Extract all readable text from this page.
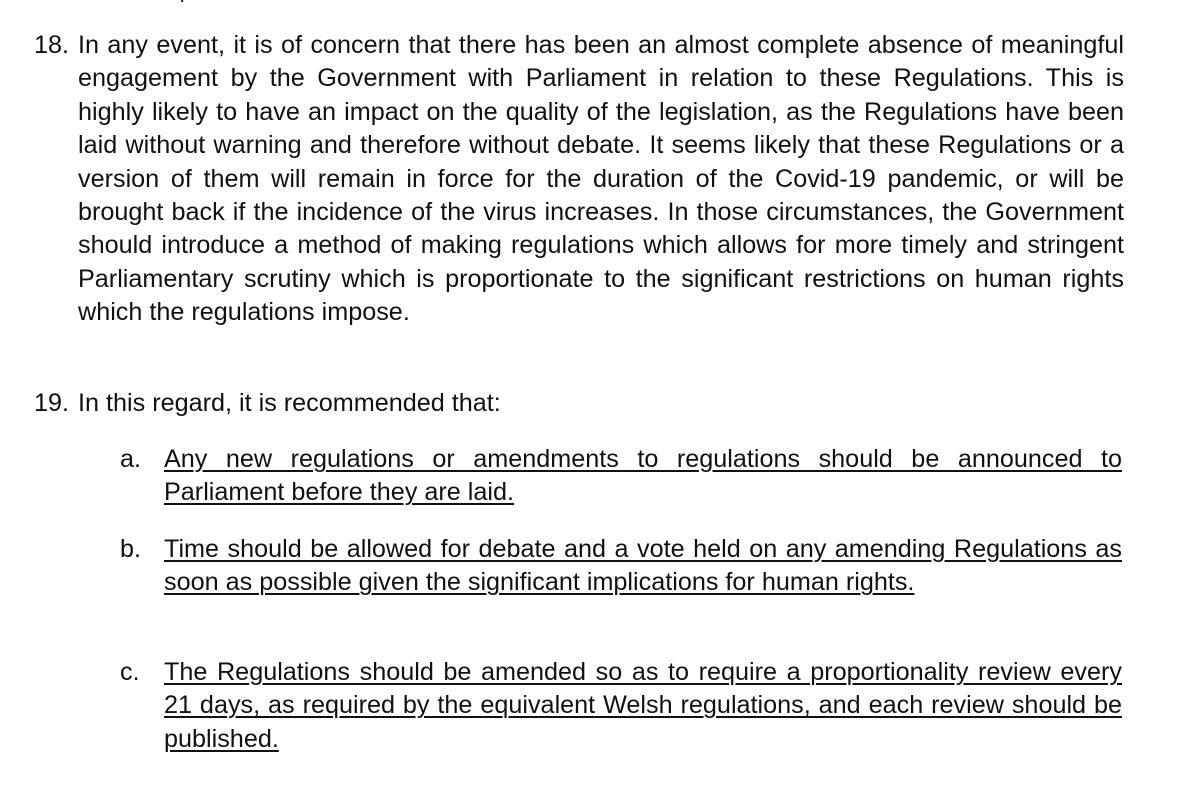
18. In any event, it is of concern that there has been an almost complete absence of meaningful engagement by the Government with Parliament in relation to these Regulations. This is highly likely to have an impact on the quality of the legislation, as the Regulations have been laid without warning and therefore without debate. It seems likely that these Regulations or a version of them will remain in force for the duration of the Covid-19 pandemic, or will be brought back if the incidence of the virus increases. In those circumstances, the Government should introduce a method of making regulations which allows for more timely and stringent Parliamentary scrutiny which is proportionate to the significant restrictions on human rights which the regulations impose.
19. In this regard, it is recommended that:
a. Any new regulations or amendments to regulations should be announced to Parliament before they are laid.
b. Time should be allowed for debate and a vote held on any amending Regulations as soon as possible given the significant implications for human rights.
c. The Regulations should be amended so as to require a proportionality review every 21 days, as required by the equivalent Welsh regulations, and each review should be published.
